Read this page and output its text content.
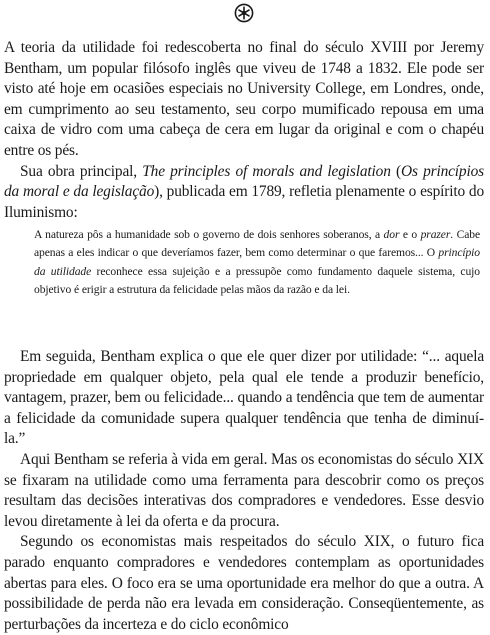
A teoria da utilidade foi redescoberta no final do século XVIII por Jeremy Bentham, um popular filósofo inglês que viveu de 1748 a 1832. Ele pode ser visto até hoje em ocasiões especiais no University College, em Londres, onde, em cumprimento ao seu testamento, seu corpo mumificado repousa em uma caixa de vidro com uma cabeça de cera em lugar da original e com o chapéu entre os pés.

Sua obra principal, The principles of morals and legislation (Os princípios da moral e da legislação), publicada em 1789, refletia plenamente o espírito do Iluminismo:

A natureza pôs a humanidade sob o governo de dois senhores soberanos, a dor e o prazer. Cabe apenas a eles indicar o que deveríamos fazer, bem como determinar o que faremos... O princípio da utilidade reconhece essa sujeição e a pressupõe como fundamento daquele sistema, cujo objetivo é erigir a estrutura da felicidade pelas mãos da razão e da lei.

Em seguida, Bentham explica o que ele quer dizer por utilidade: “... aquela propriedade em qualquer objeto, pela qual ele tende a produzir benefício, vantagem, prazer, bem ou felicidade... quando a tendência que tem de aumentar a felicidade da comunidade supera qualquer tendência que tenha de diminuí-la.”

Aqui Bentham se referia à vida em geral. Mas os economistas do século XIX se fixaram na utilidade como uma ferramenta para descobrir como os preços resultam das decisões interativas dos compradores e vendedores. Esse desvio levou diretamente à lei da oferta e da procura.

Segundo os economistas mais respeitados do século XIX, o futuro fica parado enquanto compradores e vendedores contemplam as oportunidades abertas para eles. O foco era se uma oportunidade era melhor do que a outra. A possibilidade de perda não era levada em consideração. Conseqüentemente, as perturbações da incerteza e do ciclo econômico
